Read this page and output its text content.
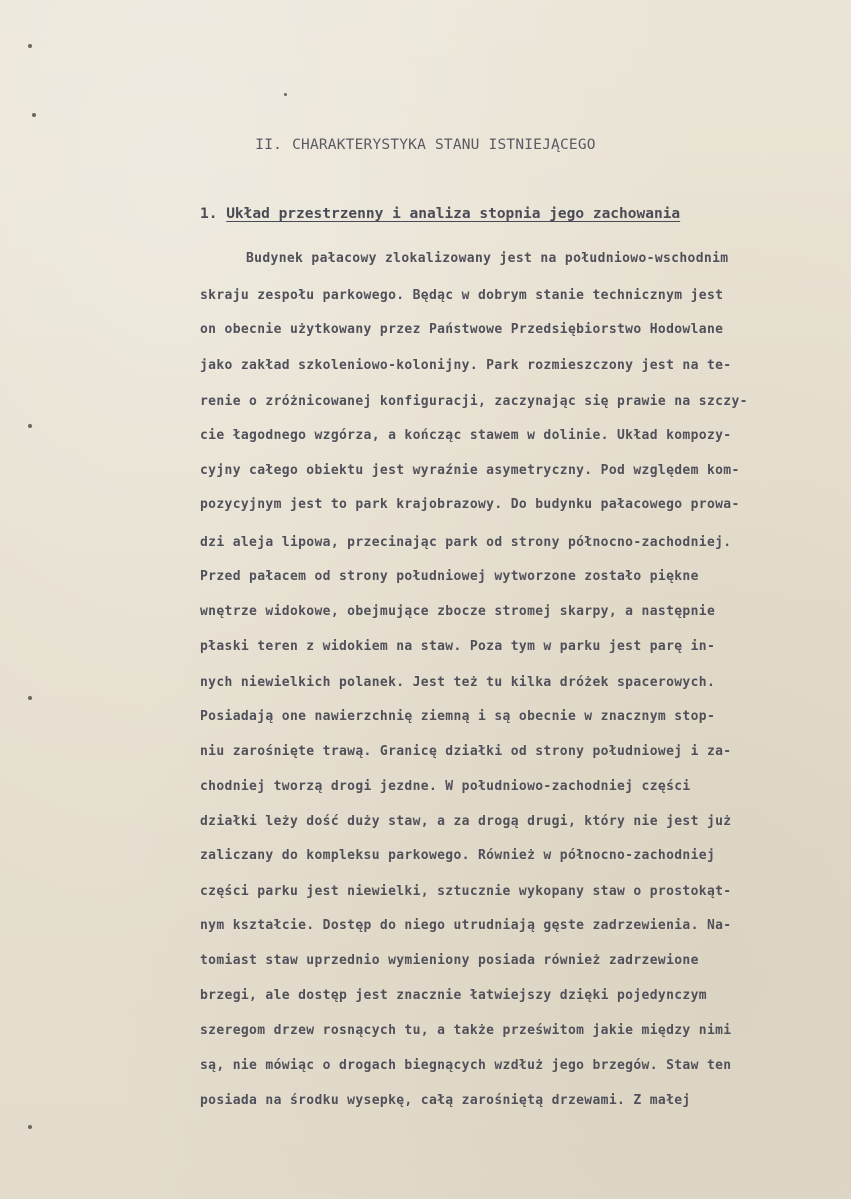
II. CHARAKTERYSTYKA STANU ISTNIEJĄCEGO
1. Układ przestrzenny i analiza stopnia jego zachowania
Budynek pałacowy zlokalizowany jest na południowo-wschodnim
skraju zespołu parkowego. Będąc w dobrym stanie technicznym jest
on obecnie użytkowany przez Państwowe Przedsiębiorstwo Hodowlane
jako zakład szkoleniowo-kolonijny. Park rozmieszczony jest na te-
renie o zróżnicowanej konfiguracji, zaczynając się prawie na szczy-
cie łagodnego wzgórza, a kończąc stawem w dolinie. Układ kompozy-
cyjny całego obiektu jest wyraźnie asymetryczny. Pod względem kom-
pozycyjnym jest to park krajobrazowy. Do budynku pałacowego prowa-
dzi aleja lipowa, przecinając park od strony północno-zachodniej.
Przed pałacem od strony południowej wytworzone zostało piękne
wnętrze widokowe, obejmujące zbocze stromej skarpy, a następnie
płaski teren z widokiem na staw. Poza tym w parku jest parę in-
nych niewielkich polanek. Jest też tu kilka dróżek spacerowych.
Posiadają one nawierzchnię ziemną i są obecnie w znacznym stop-
niu zarośnięte trawą. Granicę działki od strony południowej i za-
chodniej tworzą drogi jezdne. W południowo-zachodniej części
działki leży dość duży staw, a za drogą drugi, który nie jest już
zaliczany do kompleksu parkowego. Również w północno-zachodniej
części parku jest niewielki, sztucznie wykopany staw o prostokąt-
nym kształcie. Dostęp do niego utrudniają gęste zadrzewienia. Na-
tomiast staw uprzednio wymieniony posiada również zadrzewione
brzegi, ale dostęp jest znacznie łatwiejszy dzięki pojedynczym
szeregom drzew rosnących tu, a także prześwitom jakie między nimi
są, nie mówiąc o drogach biegnących wzdłuż jego brzegów. Staw ten
posiada na środku wysepkę, całą zarośniętą drzewami. Z małej
